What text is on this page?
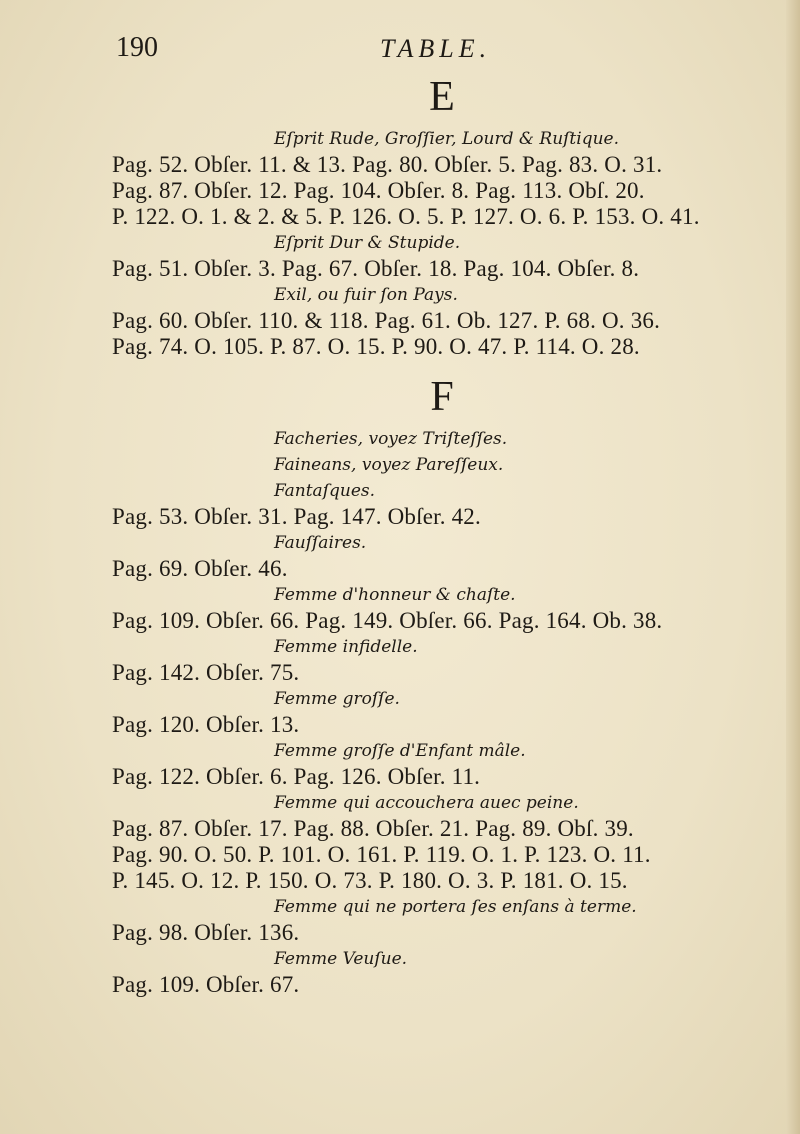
190	TABLE.
E
Eſprit Rude, Groſſier, Lourd & Ruſtique.
Pag. 52. Obſer. 11. & 13. Pag. 80. Obſer. 5. Pag. 83. O. 31.
Pag. 87. Obſer. 12. Pag. 104. Obſer. 8. Pag. 113. Obſ. 20.
P. 122. O. 1. & 2. & 5. P. 126. O. 5. P. 127. O. 6. P. 153. O. 41.
Eſprit Dur & Stupide.
Pag. 51. Obſer. 3. Pag. 67. Obſer. 18. Pag. 104. Obſer. 8.
Exil, ou fuir ſon Pays.
Pag. 60. Obſer. 110. & 118. Pag. 61. Ob. 127. P. 68. O. 36.
Pag. 74. O. 105. P. 87. O. 15. P. 90. O. 47. P. 114. O. 28.
F
Facheries, voyez Triſteſſes.
Faineans, voyez Pareſſeux.
Fantaſques.
Pag. 53. Obſer. 31. Pag. 147. Obſer. 42.
Fauſſaires.
Pag. 69. Obſer. 46.
Femme d'honneur & chaſte.
Pag. 109. Obſer. 66. Pag. 149. Obſer. 66. Pag. 164. Ob. 38.
Femme infidelle.
Pag. 142. Obſer. 75.
Femme groſſe.
Pag. 120. Obſer. 13.
Femme groſſe d'Enfant mâle.
Pag. 122. Obſer. 6. Pag. 126. Obſer. 11.
Femme qui accouchera auec peine.
Pag. 87. Obſer. 17. Pag. 88. Obſer. 21. Pag. 89. Obſ. 39.
Pag. 90. O. 50. P. 101. O. 161. P. 119. O. 1. P. 123. O. 11.
P. 145. O. 12. P. 150. O. 73. P. 180. O. 3. P. 181. O. 15.
Femme qui ne portera ſes enſans à terme.
Pag. 98. Obſer. 136.
Femme Veuſue.
Pag. 109. Obſer. 67.
